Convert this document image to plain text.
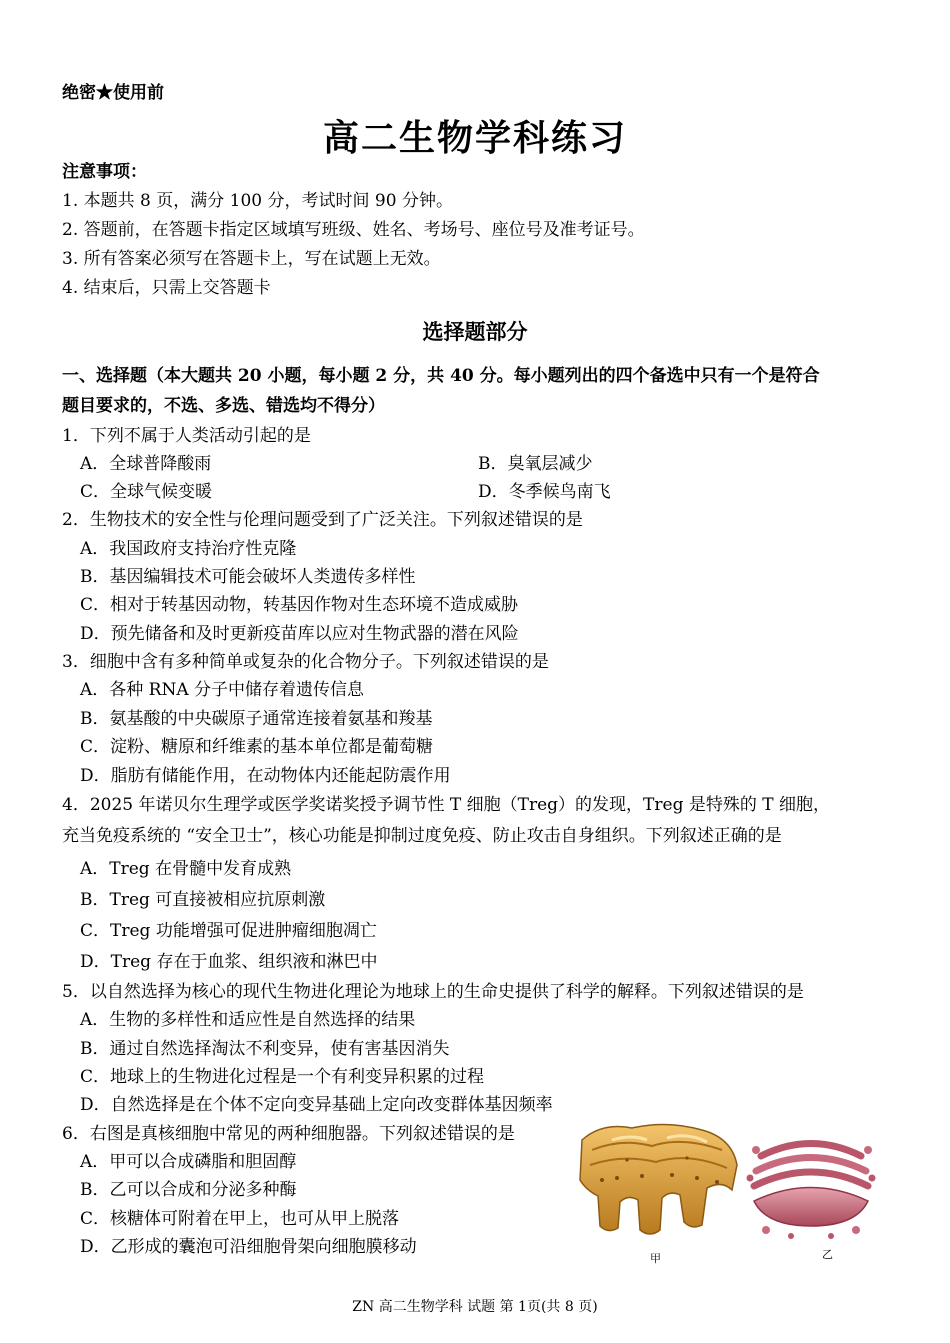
绝密★使用前
高二生物学科练习
注意事项：
1. 本题共 8 页，满分 100 分，考试时间 90 分钟。
2. 答题前，在答题卡指定区域填写班级、姓名、考场号、座位号及准考证号。
3. 所有答案必须写在答题卡上，写在试题上无效。
4. 结束后，只需上交答题卡
选择题部分
一、选择题（本大题共 20 小题，每小题 2 分，共 40 分。每小题列出的四个备选中只有一个是符合
题目要求的，不选、多选、错选均不得分）
1．下列不属于人类活动引起的是
A．全球普降酸雨	B．臭氧层减少
C．全球气候变暖	D．冬季候鸟南飞
2．生物技术的安全性与伦理问题受到了广泛关注。下列叙述错误的是
A．我国政府支持治疗性克隆
B．基因编辑技术可能会破坏人类遗传多样性
C．相对于转基因动物，转基因作物对生态环境不造成威胁
D．预先储备和及时更新疫苗库以应对生物武器的潜在风险
3．细胞中含有多种简单或复杂的化合物分子。下列叙述错误的是
A．各种 RNA 分子中储存着遗传信息
B．氨基酸的中央碳原子通常连接着氨基和羧基
C．淀粉、糖原和纤维素的基本单位都是葡萄糖
D．脂肪有储能作用，在动物体内还能起防震作用
4．2025 年诺贝尔生理学或医学奖诺奖授予调节性 T 细胞（Treg）的发现，Treg 是特殊的 T 细胞，
充当免疫系统的 “安全卫士”，核心功能是抑制过度免疫、防止攻击自身组织。下列叙述正确的是
A．Treg 在骨髓中发育成熟
B．Treg 可直接被相应抗原刺激
C．Treg 功能增强可促进肿瘤细胞凋亡
D．Treg 存在于血浆、组织液和淋巴中
5．以自然选择为核心的现代生物进化理论为地球上的生命史提供了科学的解释。下列叙述错误的是
A．生物的多样性和适应性是自然选择的结果
B．通过自然选择淘汰不利变异，使有害基因消失
C．地球上的生物进化过程是一个有利变异积累的过程
D．自然选择是在个体不定向变异基础上定向改变群体基因频率
6．右图是真核细胞中常见的两种细胞器。下列叙述错误的是
A．甲可以合成磷脂和胆固醇
B．乙可以合成和分泌多种酶
C．核糖体可附着在甲上，也可从甲上脱落
D．乙形成的囊泡可沿细胞骨架向细胞膜移动
甲	乙
ZN 高二生物学科 试题 第 1页(共 8 页)
